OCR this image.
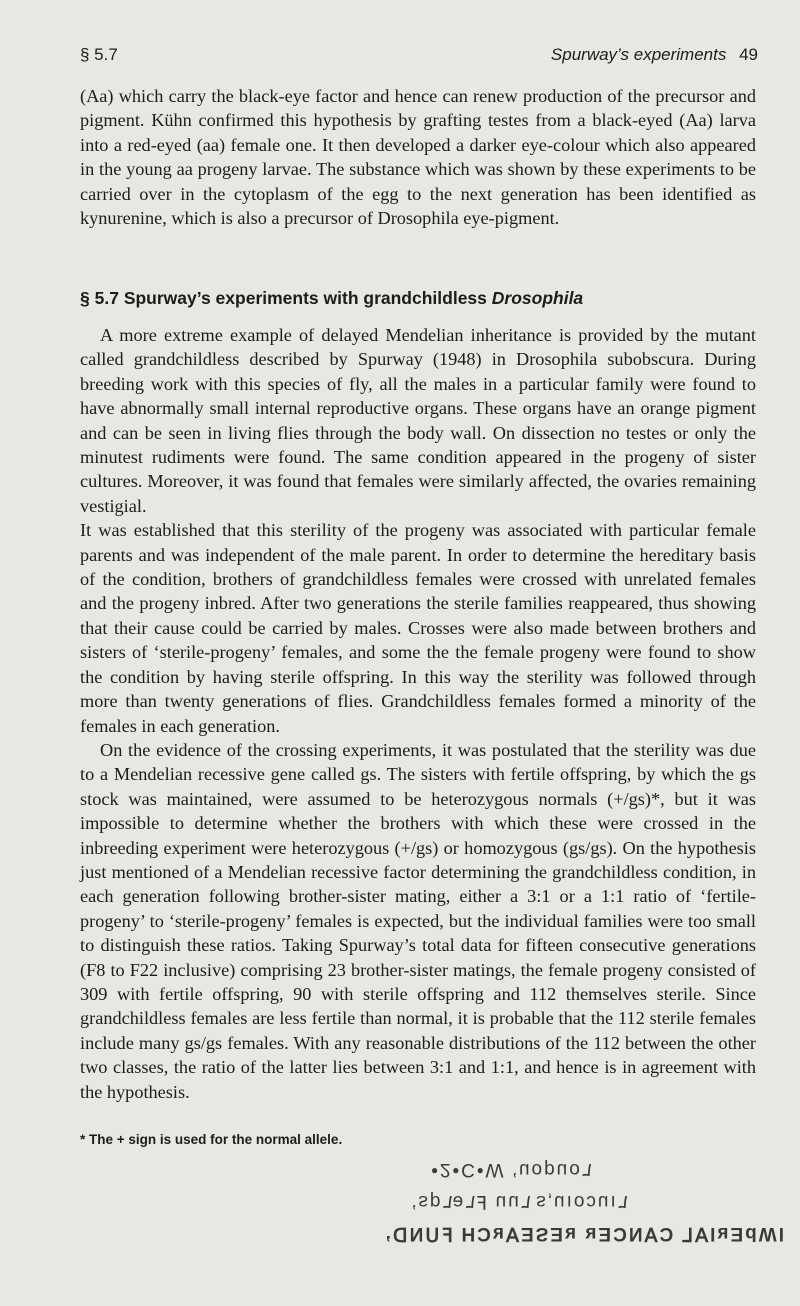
§ 5.7	Spurway’s experiments 49

(Aa) which carry the black-eye factor and hence can renew production of the precursor and pigment. Kühn confirmed this hypothesis by grafting testes from a black-eyed (Aa) larva into a red-eyed (aa) female one. It then developed a darker eye-colour which also appeared in the young aa progeny larvae. The substance which was shown by these experiments to be carried over in the cytoplasm of the egg to the next generation has been identified as kynurenine, which is also a precursor of Drosophila eye-pigment.

§ 5.7 Spurway’s experiments with grandchildless Drosophila

A more extreme example of delayed Mendelian inheritance is provided by the mutant called grandchildless described by Spurway (1948) in Drosophila subobscura. During breeding work with this species of fly, all the males in a particular family were found to have abnormally small internal reproductive organs. These organs have an orange pigment and can be seen in living flies through the body wall. On dissection no testes or only the minutest rudiments were found. The same condition appeared in the progeny of sister cultures. Moreover, it was found that females were similarly affected, the ovaries remaining vestigial.

It was established that this sterility of the progeny was associated with particular female parents and was independent of the male parent. In order to determine the hereditary basis of the condition, brothers of grandchildless females were crossed with unrelated females and the progeny inbred. After two generations the sterile families reappeared, thus showing that their cause could be carried by males. Crosses were also made between brothers and sisters of ‘sterile-progeny’ females, and some the the female progeny were found to show the condition by having sterile offspring. In this way the sterility was followed through more than twenty generations of flies. Grandchildless females formed a minority of the females in each generation.

On the evidence of the crossing experiments, it was postulated that the sterility was due to a Mendelian recessive gene called gs. The sisters with fertile offspring, by which the gs stock was maintained, were assumed to be heterozygous normals (+/gs)*, but it was impossible to determine whether the brothers with which these were crossed in the inbreeding experiment were heterozygous (+/gs) or homozygous (gs/gs). On the hypothesis just mentioned of a Mendelian recessive factor determining the grandchildless condition, in each generation following brother-sister mating, either a 3:1 or a 1:1 ratio of ‘fertile-progeny’ to ‘sterile-progeny’ females is expected, but the individual families were too small to distinguish these ratios. Taking Spurway’s total data for fifteen consecutive generations (F8 to F22 inclusive) comprising 23 brother-sister matings, the female progeny consisted of 309 with fertile offspring, 90 with sterile offspring and 112 themselves sterile. Since grandchildless females are less fertile than normal, it is probable that the 112 sterile females include many gs/gs females. With any reasonable distributions of the 112 between the other two classes, the ratio of the latter lies between 3:1 and 1:1, and hence is in agreement with the hypothesis.

* The + sign is used for the normal allele.
•2•C•W ‘uopuo٦
‘sp٦ə٦Ⅎ uu٦ s‚uıoɔuı٦
‘ᗡNՈℲ HƆᴚⱯƎSƎᴚ ᴚƎƆNⱯƆ ꞀⱯIᴚƎdWI
